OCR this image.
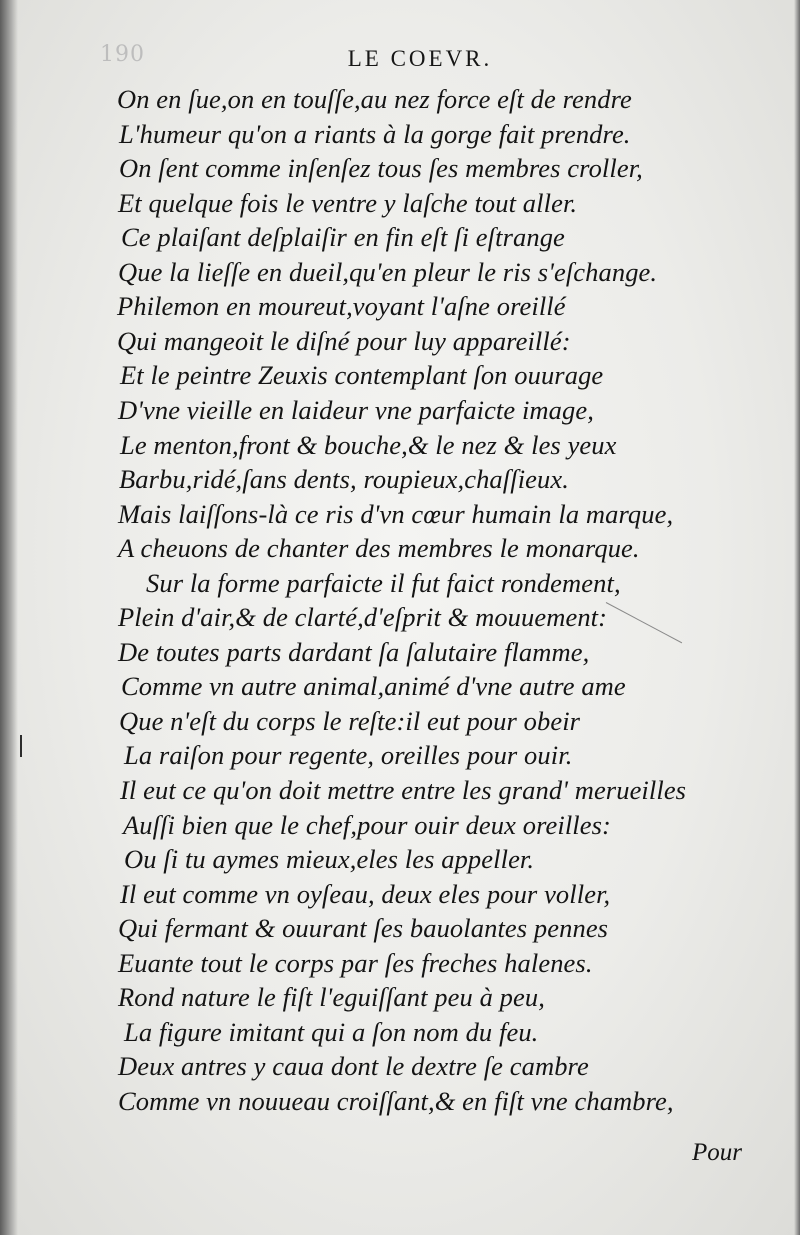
190	LE COEVR.
On en ſue,on en touſſe,au nez force eſt de rendre
L'humeur qu'on a riants à la gorge fait prendre.
On ſent comme inſenſez tous ſes membres croller,
Et quelque fois le ventre y laſche tout aller.
Ce plaiſant deſplaiſir en fin eſt ſi eſtrange
Que la lieſſe en dueil,qu'en pleur le ris s'eſchange.
Philemon en moureut,voyant l'aſne oreillé
Qui mangeoit le diſné pour luy appareillé:
Et le peintre Zeuxis contemplant ſon ouurage
D'vne vieille en laideur vne parfaicte image,
Le menton,front & bouche,& le nez & les yeux
Barbu,ridé,ſans dents, roupieux,chaſſieux.
Mais laiſſons-là ce ris d'vn cœur humain la marque,
A cheuons de chanter des membres le monarque.
Sur la forme parfaicte il fut faict rondement,
Plein d'air,& de clarté,d'eſprit & mouuement:
De toutes parts dardant ſa ſalutaire flamme,
Comme vn autre animal,animé d'vne autre ame
Que n'eſt du corps le reſte:il eut pour obeir
La raiſon pour regente, oreilles pour ouir.
Il eut ce qu'on doit mettre entre les grand' merueilles
Auſſi bien que le chef,pour ouir deux oreilles:
Ou ſi tu aymes mieux,eles les appeller.
Il eut comme vn oyſeau, deux eles pour voller,
Qui fermant & ouurant ſes bauolantes pennes
Euante tout le corps par ſes freches halenes.
Rond nature le fiſt l'eguiſſant peu à peu,
La figure imitant qui a ſon nom du feu.
Deux antres y caua dont le dextre ſe cambre
Comme vn nouueau croiſſant,& en fiſt vne chambre,
Pour
